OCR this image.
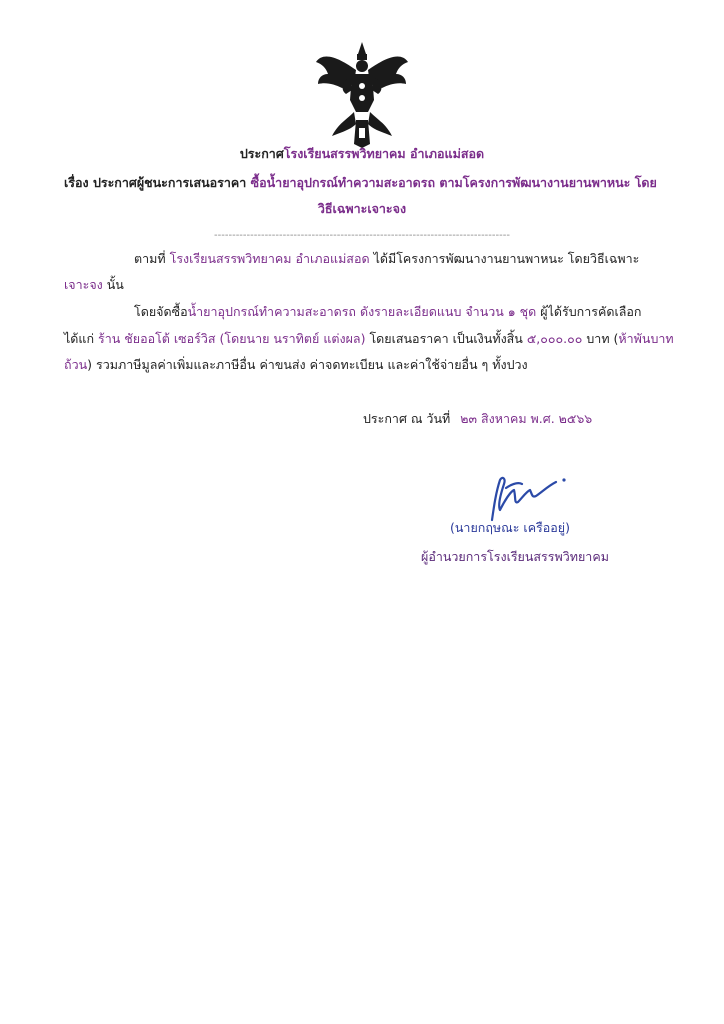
ประกาศโรงเรียนสรรพวิทยาคม อำเภอแม่สอด
เรื่อง ประกาศผู้ชนะการเสนอราคา ซื้อน้ำยาอุปกรณ์ทำความสะอาดรถ ตามโครงการพัฒนางานยานพาหนะ โดย
วิธีเฉพาะเจาะจง
----------------------------------------------------------------------------------
ตามที่ โรงเรียนสรรพวิทยาคม อำเภอแม่สอด ได้มีโครงการพัฒนางานยานพาหนะ โดยวิธีเฉพาะ
เจาะจง นั้น
โดยจัดซื้อน้ำยาอุปกรณ์ทำความสะอาดรถ ดังรายละเอียดแนบ จำนวน ๑ ชุด ผู้ได้รับการคัดเลือก
ได้แก่ ร้าน ชัยออโต้ เซอร์วิส (โดยนาย นราทิตย์ แต่งผล) โดยเสนอราคา เป็นเงินทั้งสิ้น ๕,๐๐๐.๐๐ บาท (ห้าพันบาท
ถ้วน) รวมภาษีมูลค่าเพิ่มและภาษีอื่น ค่าขนส่ง ค่าจดทะเบียน และค่าใช้จ่ายอื่น ๆ ทั้งปวง
ประกาศ ณ วันที่ ๒๓ สิงหาคม พ.ศ. ๒๕๖๖
(นายกฤษณะ เครืออยู่)
ผู้อำนวยการโรงเรียนสรรพวิทยาคม
